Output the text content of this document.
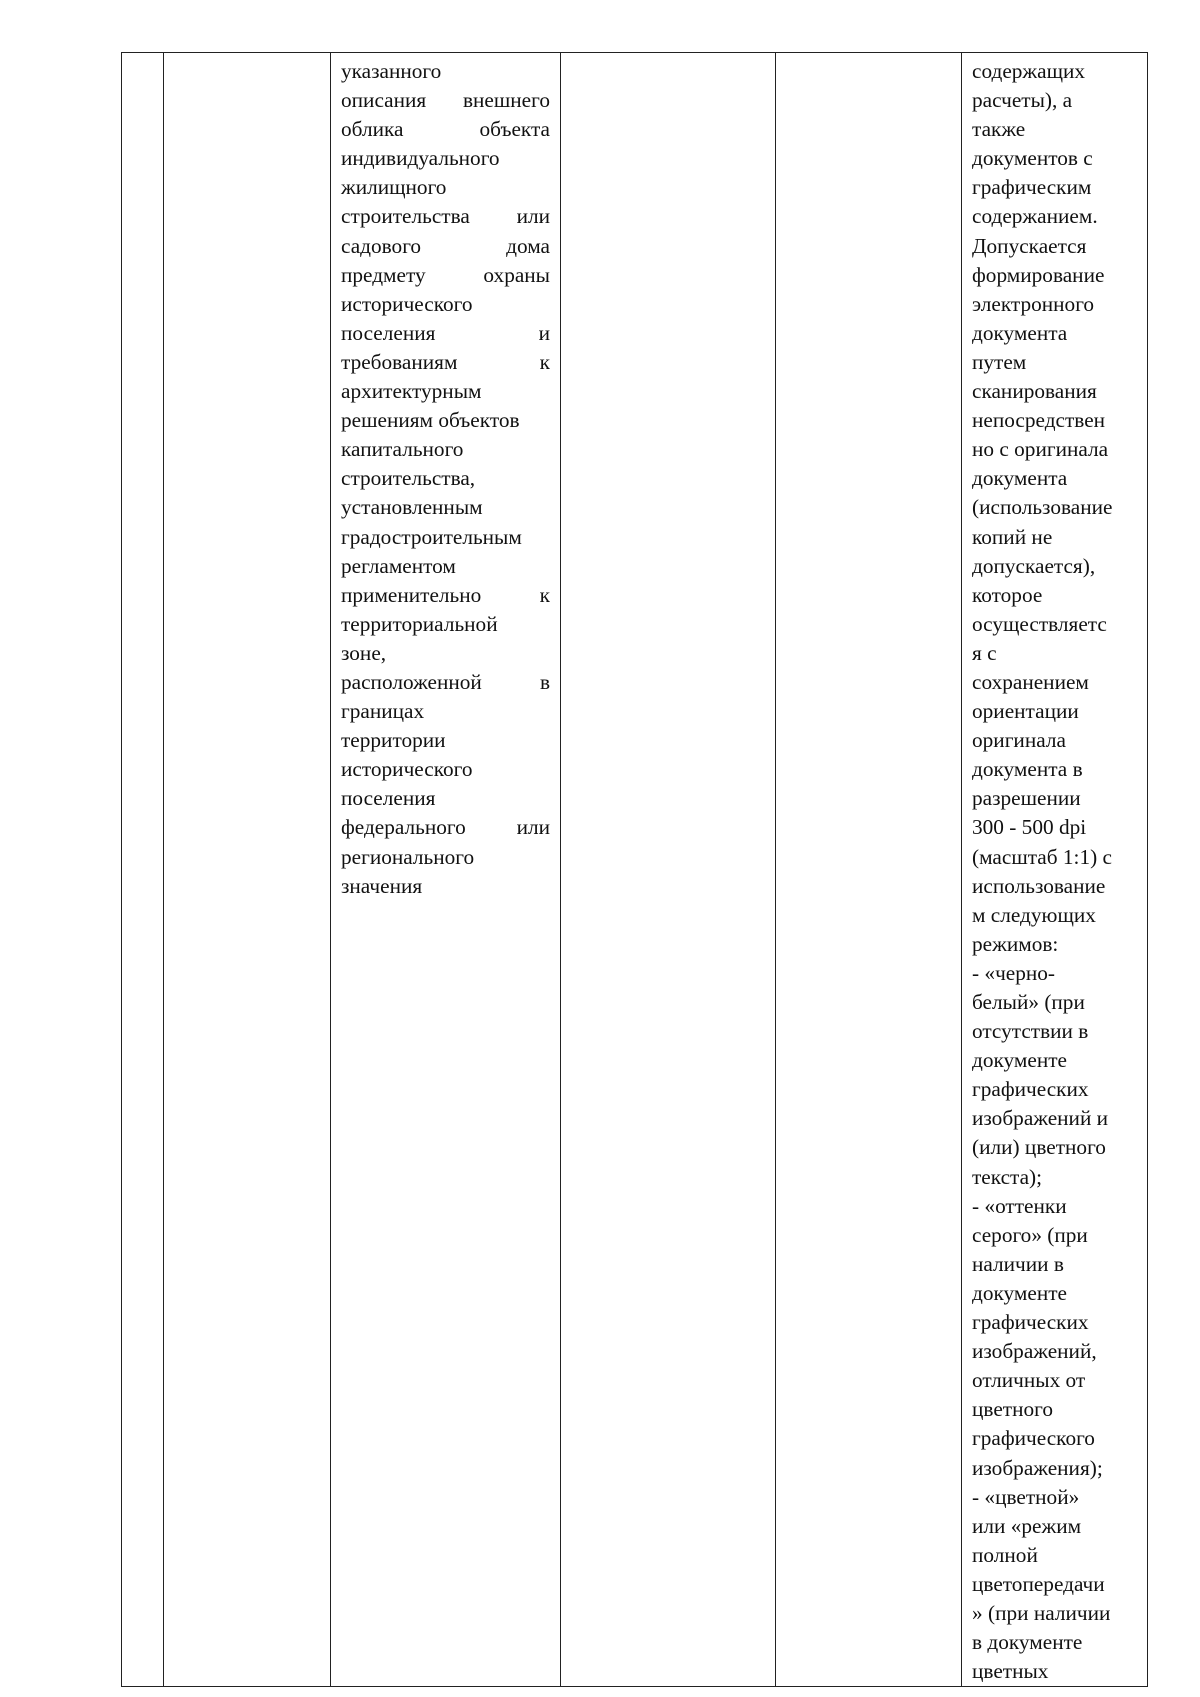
указанного
описания внешнего
облика	объекта
индивидуального
жилищного
строительства или
садового	дома
предмету	охраны
исторического
поселения	и
требованиям	к
архитектурным
решениям объектов
капитального
строительства,
установленным
градостроительным
регламентом
применительно	к
территориальной
зоне,
расположенной	в
границах
территории
исторического
поселения
федерального или
регионального
значения

содержащих
расчеты), а
также
документов с
графическим
содержанием.
Допускается
формирование
электронного
документа
путем
сканирования
непосредствен
но с оригинала
документа
(использование
копий не
допускается),
которое
осуществляетс
я с
сохранением
ориентации
оригинала
документа в
разрешении
300 - 500 dpi
(масштаб 1:1) с
использование
м следующих
режимов:
- «черно-
белый» (при
отсутствии в
документе
графических
изображений и
(или) цветного
текста);
- «оттенки
серого» (при
наличии в
документе
графических
изображений,
отличных от
цветного
графического
изображения);
- «цветной»
или «режим
полной
цветопередачи
» (при наличии
в документе
цветных
